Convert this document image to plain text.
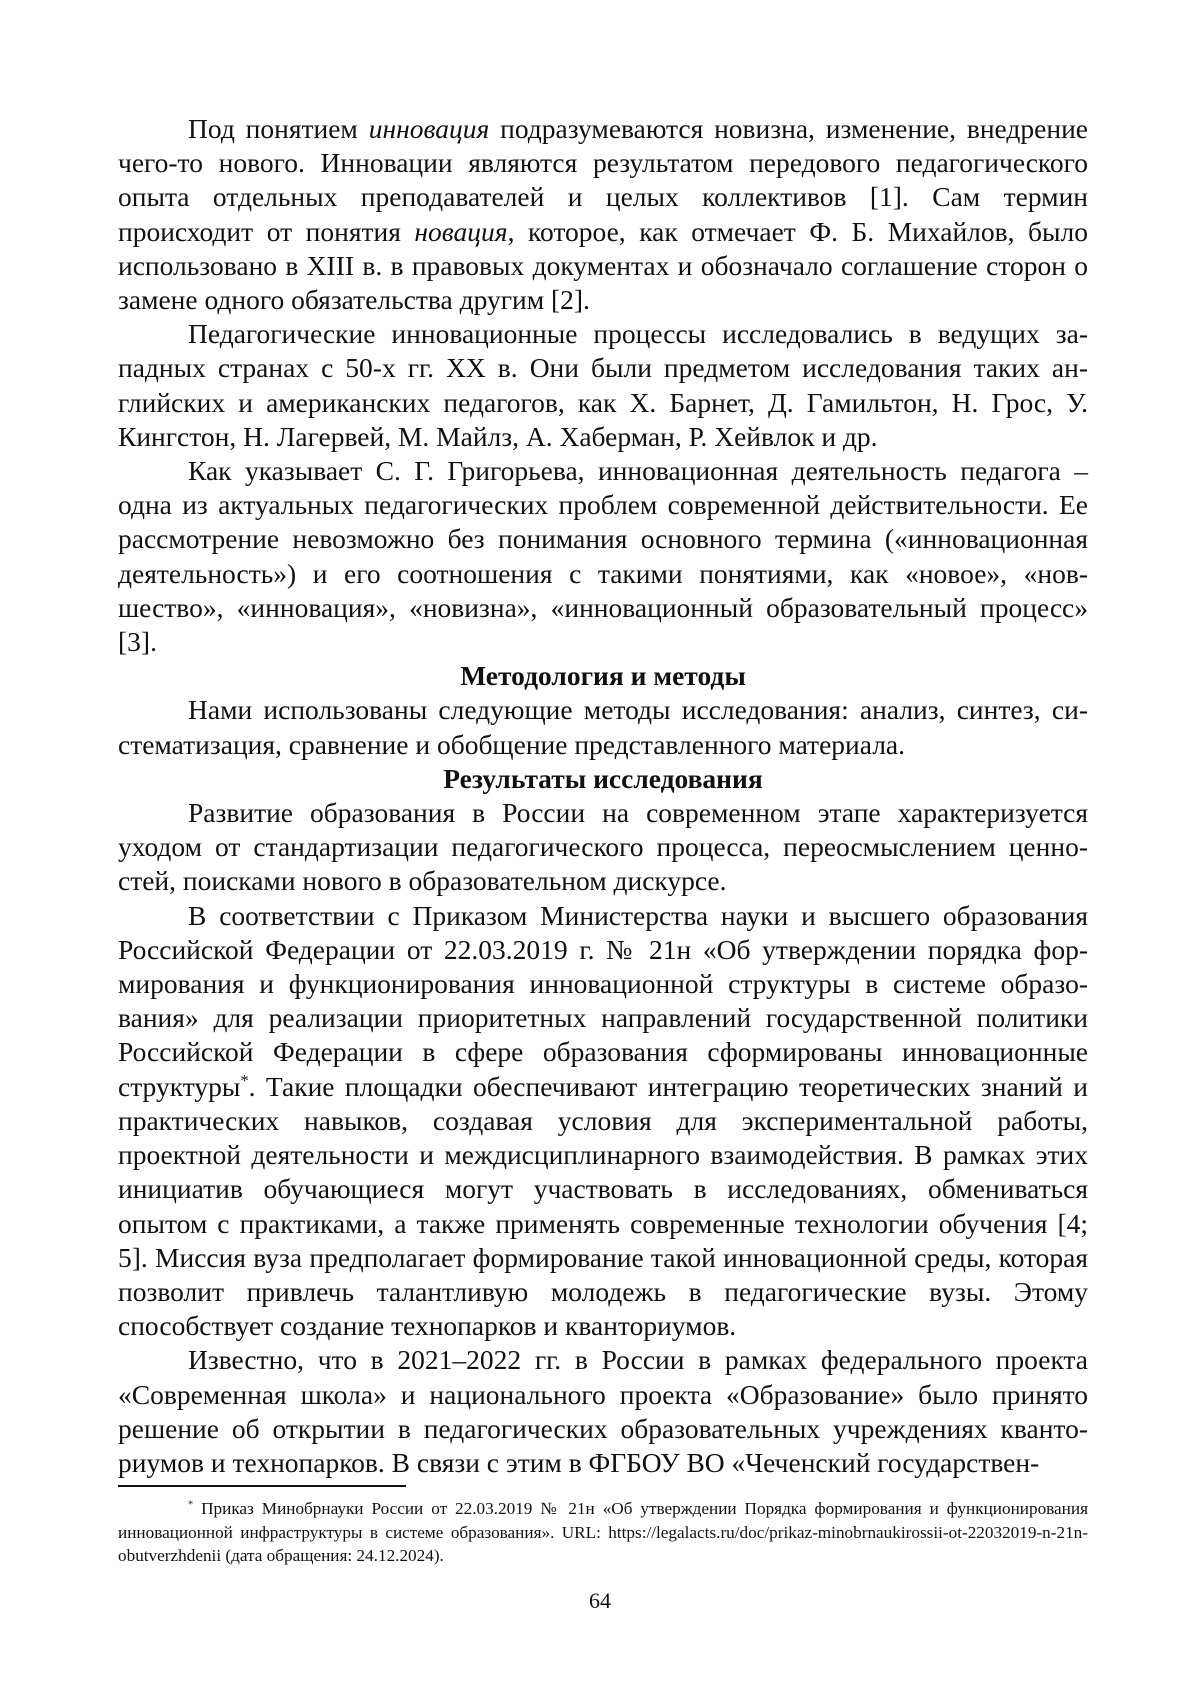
Под понятием инновация подразумеваются новизна, изменение, внедрение чего-то нового. Инновации являются результатом передового педагогического опыта отдельных преподавателей и целых коллективов [1]. Сам термин происходит от понятия новация, которое, как отмечает Ф. Б. Михайлов, было использовано в XIII в. в правовых документах и обозначало соглашение сторон о замене одного обязательства другим [2].

Педагогические инновационные процессы исследовались в ведущих западных странах с 50-х гг. XX в. Они были предметом исследования таких английских и американских педагогов, как Х. Барнет, Д. Гамильтон, Н. Грос, У. Кингстон, Н. Лагервей, М. Майлз, А. Хаберман, Р. Хейвлок и др.

Как указывает С. Г. Григорьева, инновационная деятельность педагога – одна из актуальных педагогических проблем современной действительности. Ее рассмотрение невозможно без понимания основного термина («инновационная деятельность») и его соотношения с такими понятиями, как «новое», «новшество», «инновация», «новизна», «инновационный образовательный процесс» [3].

Методология и методы

Нами использованы следующие методы исследования: анализ, синтез, систематизация, сравнение и обобщение представленного материала.

Результаты исследования

Развитие образования в России на современном этапе характеризуется уходом от стандартизации педагогического процесса, переосмыслением ценностей, поисками нового в образовательном дискурсе.

В соответствии с Приказом Министерства науки и высшего образования Российской Федерации от 22.03.2019 г. № 21н «Об утверждении порядка формирования и функционирования инновационной структуры в системе образования» для реализации приоритетных направлений государственной политики Российской Федерации в сфере образования сформированы инновационные структуры*. Такие площадки обеспечивают интеграцию теоретических знаний и практических навыков, создавая условия для экспериментальной работы, проектной деятельности и междисциплинарного взаимодействия. В рамках этих инициатив обучающиеся могут участвовать в исследованиях, обмениваться опытом с практиками, а также применять современные технологии обучения [4; 5]. Миссия вуза предполагает формирование такой инновационной среды, которая позволит привлечь талантливую молодежь в педагогические вузы. Этому способствует создание технопарков и кванториумов.

Известно, что в 2021–2022 гг. в России в рамках федерального проекта «Современная школа» и национального проекта «Образование» было принято решение об открытии в педагогических образовательных учреждениях кванториумов и технопарков. В связи с этим в ФГБОУ ВО «Чеченский государствен-

* Приказ Минобрнауки России от 22.03.2019 № 21н «Об утверждении Порядка формирования и функционирования инновационной инфраструктуры в системе образования». URL: https://legalacts.ru/doc/prikaz-minobrnaukirossii-ot-22032019-n-21n-obutverzhdenii (дата обращения: 24.12.2024).

64
